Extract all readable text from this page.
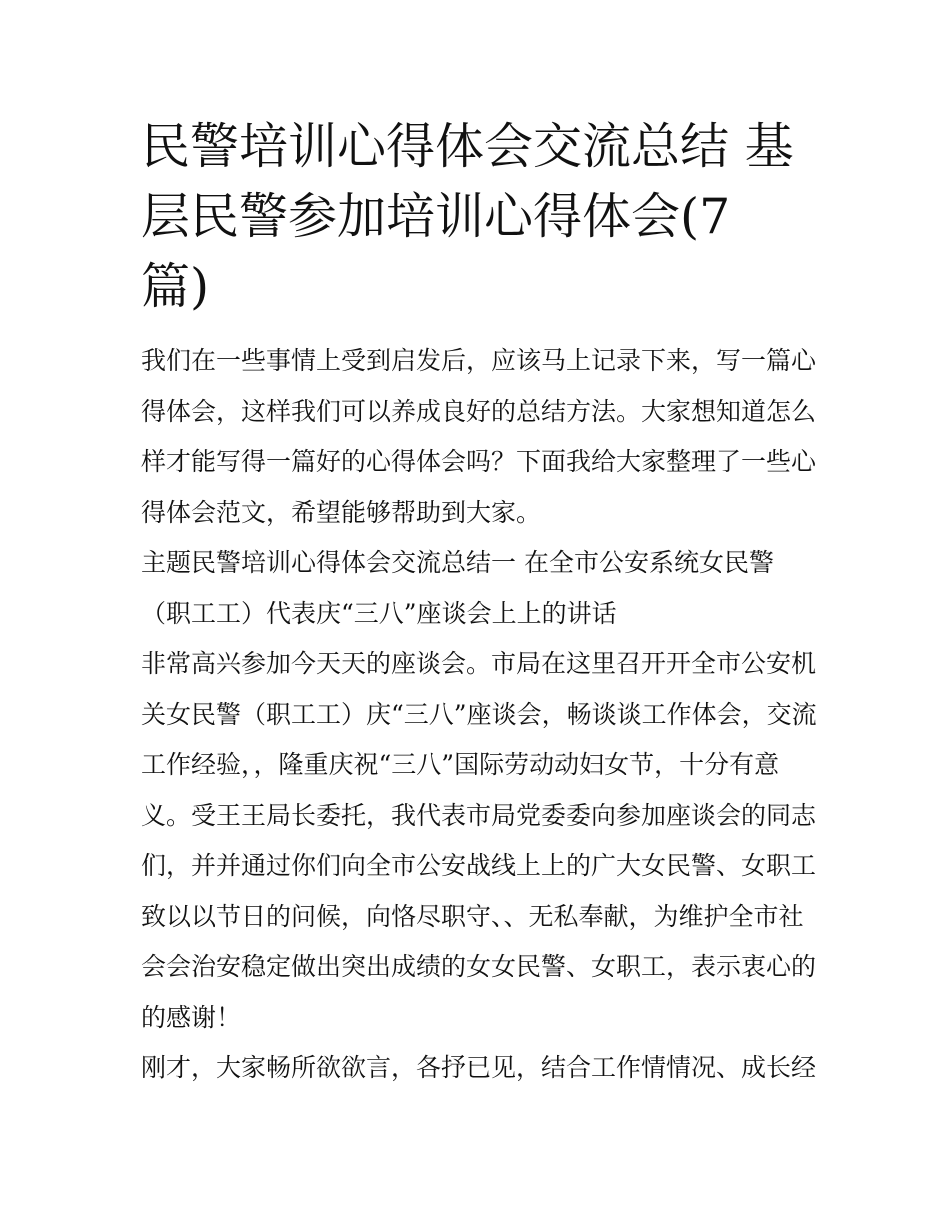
民警培训心得体会交流总结 基
层民警参加培训心得体会(7
篇)
我们在一些事情上受到启发后，应该马上记录下来，写一篇心
得体会，这样我们可以养成良好的总结方法。大家想知道怎么
样才能写得一篇好的心得体会吗？下面我给大家整理了一些心
得体会范文，希望能够帮助到大家。
主题民警培训心得体会交流总结一 在全市公安系统女民警
（职工工）代表庆“三八”座谈会上上的讲话
非常高兴参加今天天的座谈会。市局在这里召开开全市公安机
关女民警（职工工）庆“三八”座谈会，畅谈谈工作体会，交流
工作经验，，隆重庆祝“三八”国际劳动动妇女节，十分有意
义。受王王局长委托，我代表市局党委委向参加座谈会的同志
们，并并通过你们向全市公安战线上上的广大女民警、女职工
致以以节日的问候，向恪尽职守、、无私奉献，为维护全市社
会会治安稳定做出突出成绩的女女民警、女职工，表示衷心的
的感谢！
刚才，大家畅所欲欲言，各抒已见，结合工作情情况、成长经
